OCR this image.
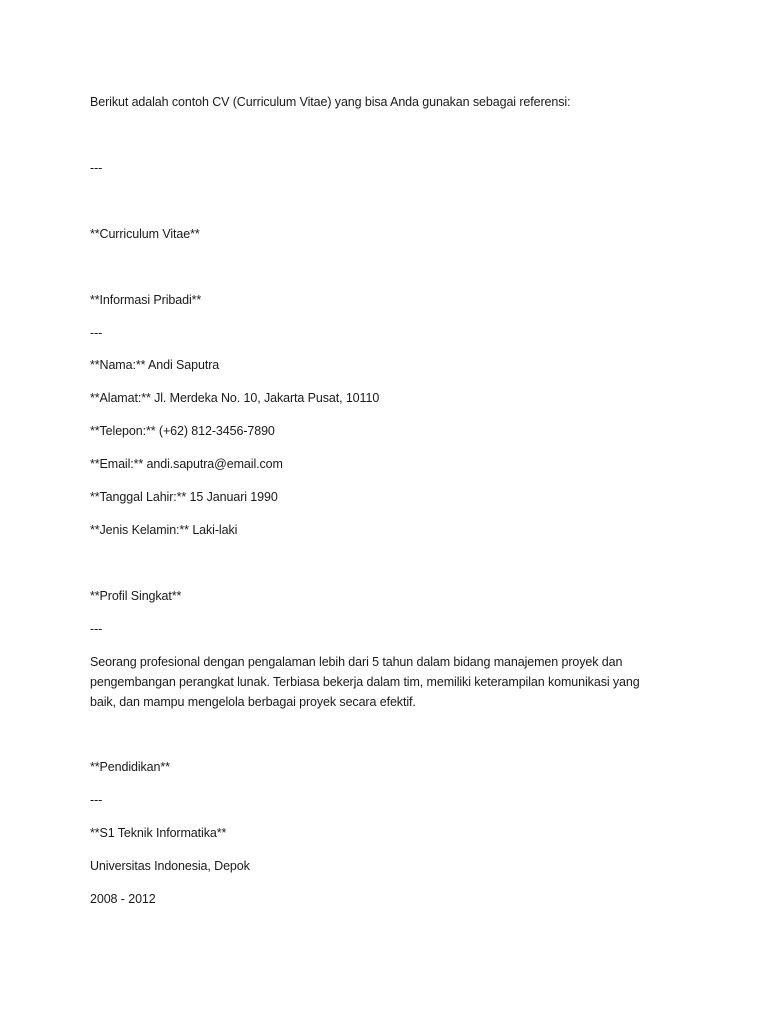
Berikut adalah contoh CV (Curriculum Vitae) yang bisa Anda gunakan sebagai referensi:
---
**Curriculum Vitae**
**Informasi Pribadi**
---
**Nama:** Andi Saputra
**Alamat:** Jl. Merdeka No. 10, Jakarta Pusat, 10110
**Telepon:** (+62) 812-3456-7890
**Email:** andi.saputra@email.com
**Tanggal Lahir:** 15 Januari 1990
**Jenis Kelamin:** Laki-laki
**Profil Singkat**
---
Seorang profesional dengan pengalaman lebih dari 5 tahun dalam bidang manajemen proyek dan
pengembangan perangkat lunak. Terbiasa bekerja dalam tim, memiliki keterampilan komunikasi yang
baik, dan mampu mengelola berbagai proyek secara efektif.
**Pendidikan**
---
**S1 Teknik Informatika**
Universitas Indonesia, Depok
2008 - 2012
